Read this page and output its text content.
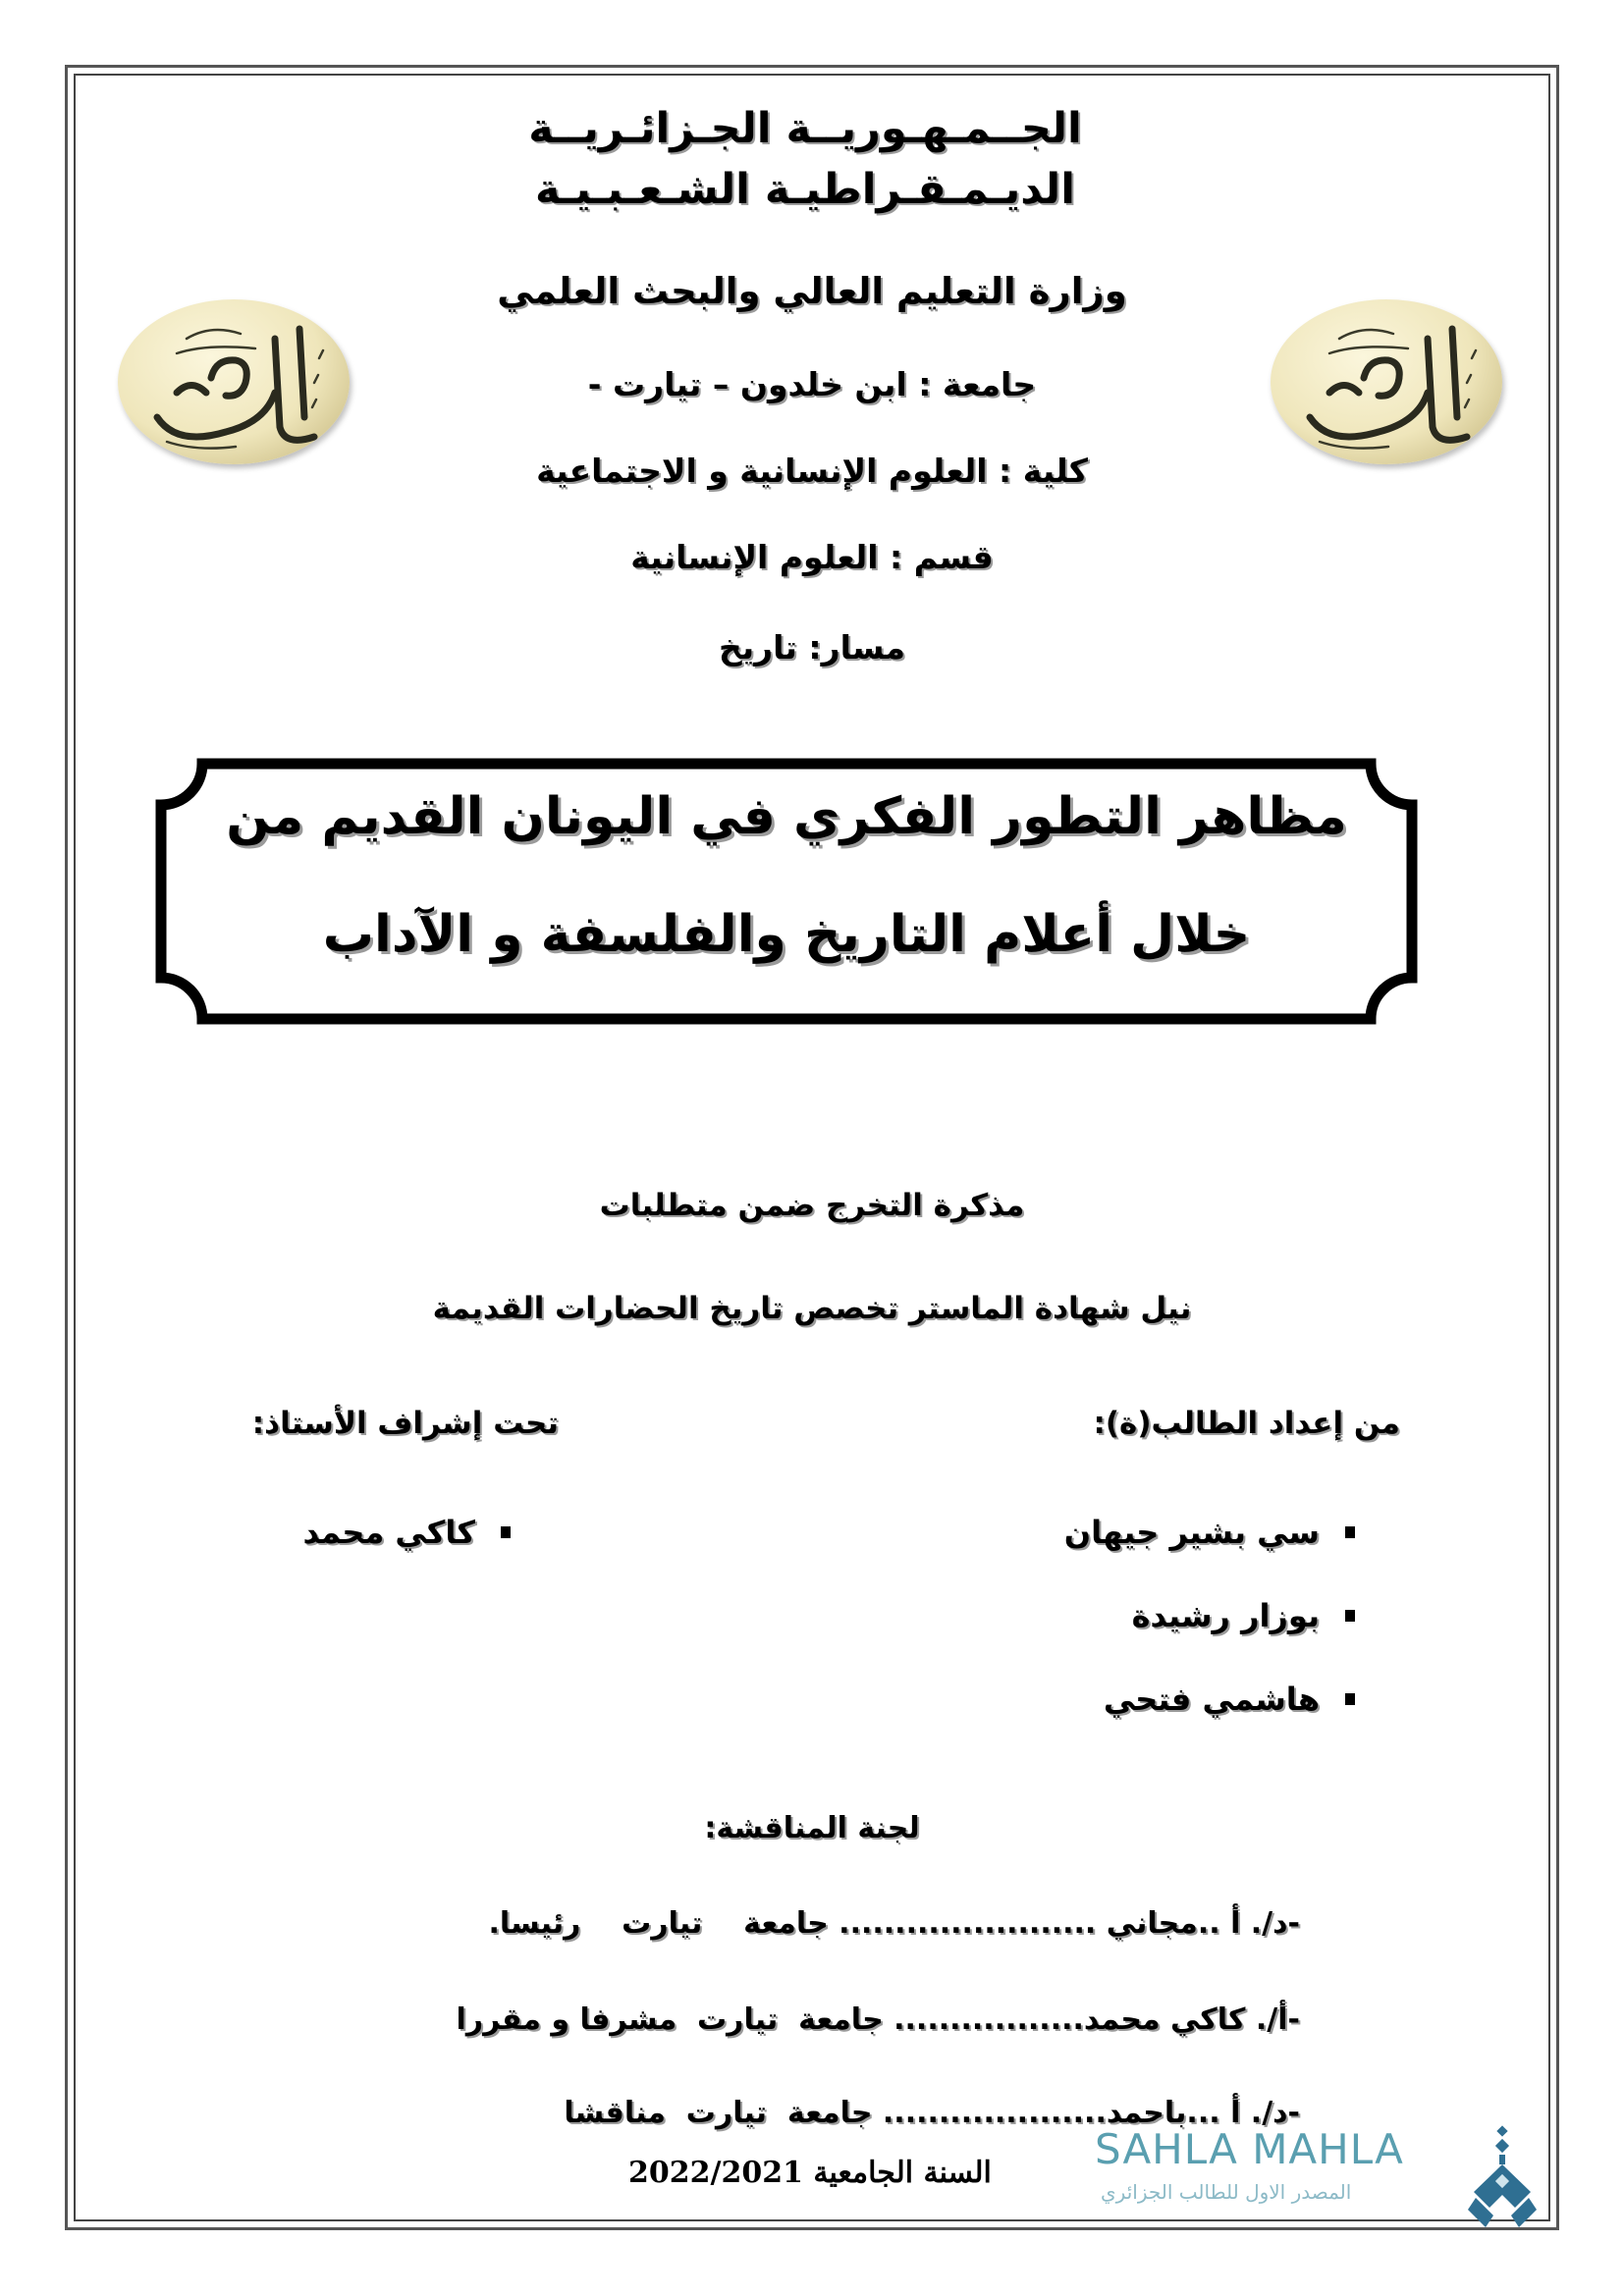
الجــمـهـوريــة الجـزائـريــة الديـمـقـراطيـة الشـعـبـيـة
وزارة التعليم العالي والبحث العلمي
جامعة : ابن خلدون – تيارت -
كلية : العلوم الإنسانية و الاجتماعية
قسم : العلوم الإنسانية
مسار: تاريخ
مظاهر التطور الفكري في اليونان القديم من
خلال أعلام التاريخ والفلسفة و الآداب
مذكرة التخرج ضمن متطلبات
نيل شهادة الماستر تخصص تاريخ الحضارات القديمة
من إعداد الطالب(ة):
تحت إشراف الأستاذ:
سي بشير جيهان
بوزار رشيدة
هاشمي فتحي
كاكي محمد
لجنة المناقشة:
-د/. أ ..مجاني ....................... جامعة    تيارت    رئيسا.
-أ/. كاكي محمد................. جامعة  تيارت  مشرفا و مقررا
-د/. أ ...باحمد.................... جامعة  تيارت  مناقشا
السنة الجامعية 2022/2021	SAHLA MAHLA
المصدر الاول للطالب الجزائري
